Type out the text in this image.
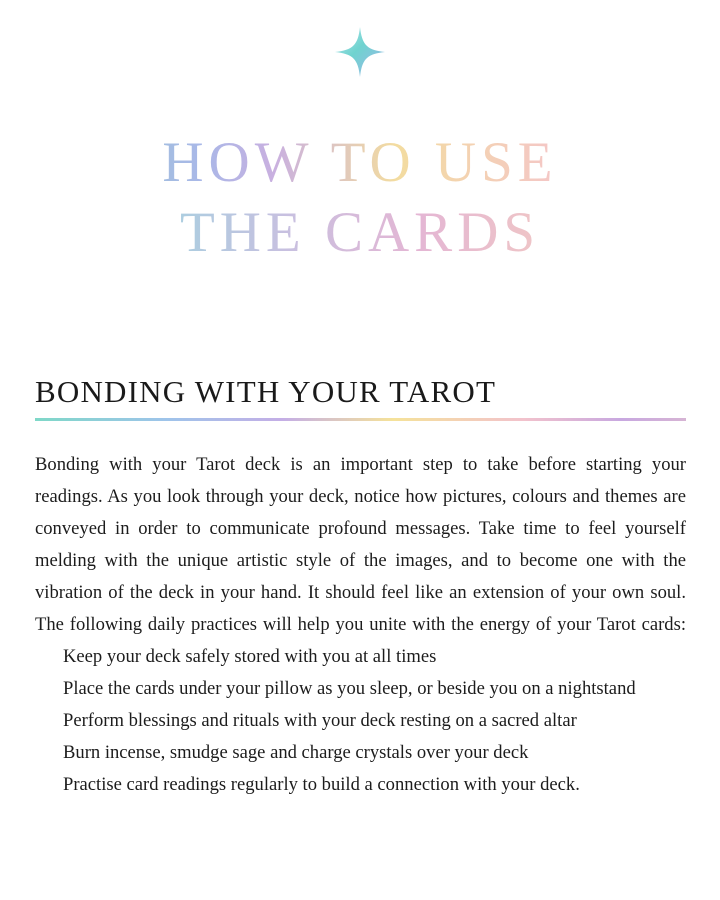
HOW TO USE
THE CARDS
BONDING WITH YOUR TAROT

Bonding with your Tarot deck is an important step to take before starting your readings. As you look through your deck, notice how pictures, colours and themes are conveyed in order to communicate profound messages. Take time to feel yourself melding with the unique artistic style of the images, and to become one with the vibration of the deck in your hand. It should feel like an extension of your own soul. The following daily practices will help you unite with the energy of your Tarot cards:

Keep your deck safely stored with you at all times
Place the cards under your pillow as you sleep, or beside you on a nightstand
Perform blessings and rituals with your deck resting on a sacred altar
Burn incense, smudge sage and charge crystals over your deck
Practise card readings regularly to build a connection with your deck.
